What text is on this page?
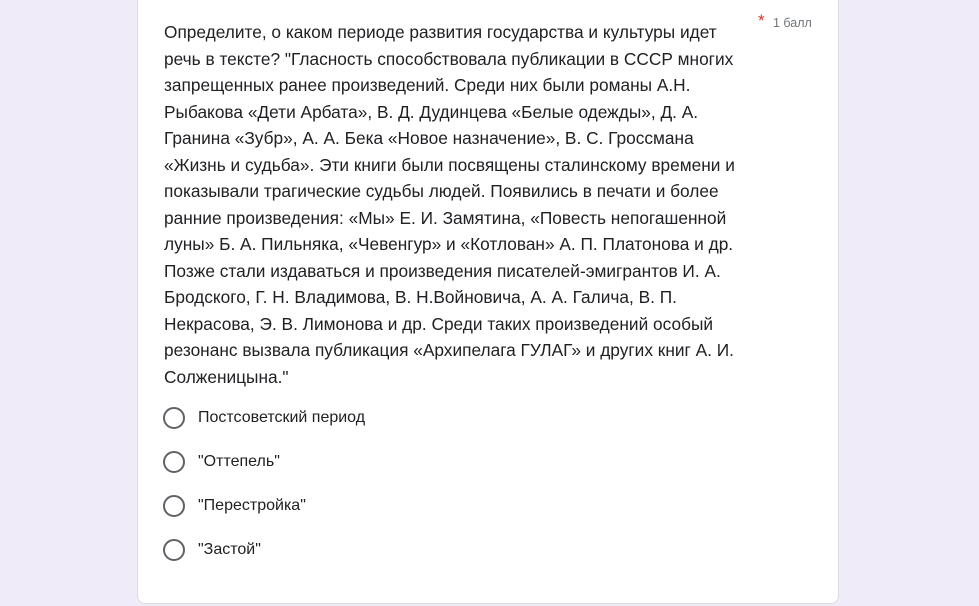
Определите, о каком периоде развития государства и культуры идет
речь в тексте? "Гласность способствовала публикации в СССР многих
запрещенных ранее произведений. Среди них были романы А.Н.
Рыбакова «Дети Арбата», В. Д. Дудинцева «Белые одежды», Д. А.
Гранина «Зубр», А. А. Бека «Новое назначение», В. С. Гроссмана
«Жизнь и судьба». Эти книги были посвящены сталинскому времени и
показывали трагические судьбы людей. Появились в печати и более
ранние произведения: «Мы» Е. И. Замятина, «Повесть непогашенной
луны» Б. А. Пильняка, «Чевенгур» и «Котлован» А. П. Платонова и др.
Позже стали издаваться и произведения писателей-эмигрантов И. А.
Бродского, Г. Н. Владимова, В. Н.Войновича, А. А. Галича, В. П.
Некрасова, Э. В. Лимонова и др. Среди таких произведений особый
резонанс вызвала публикация «Архипелага ГУЛАГ» и других книг А. И.
Солженицына."
* 1 балл
Постсоветский период
"Оттепель"
"Перестройка"
"Застой"
